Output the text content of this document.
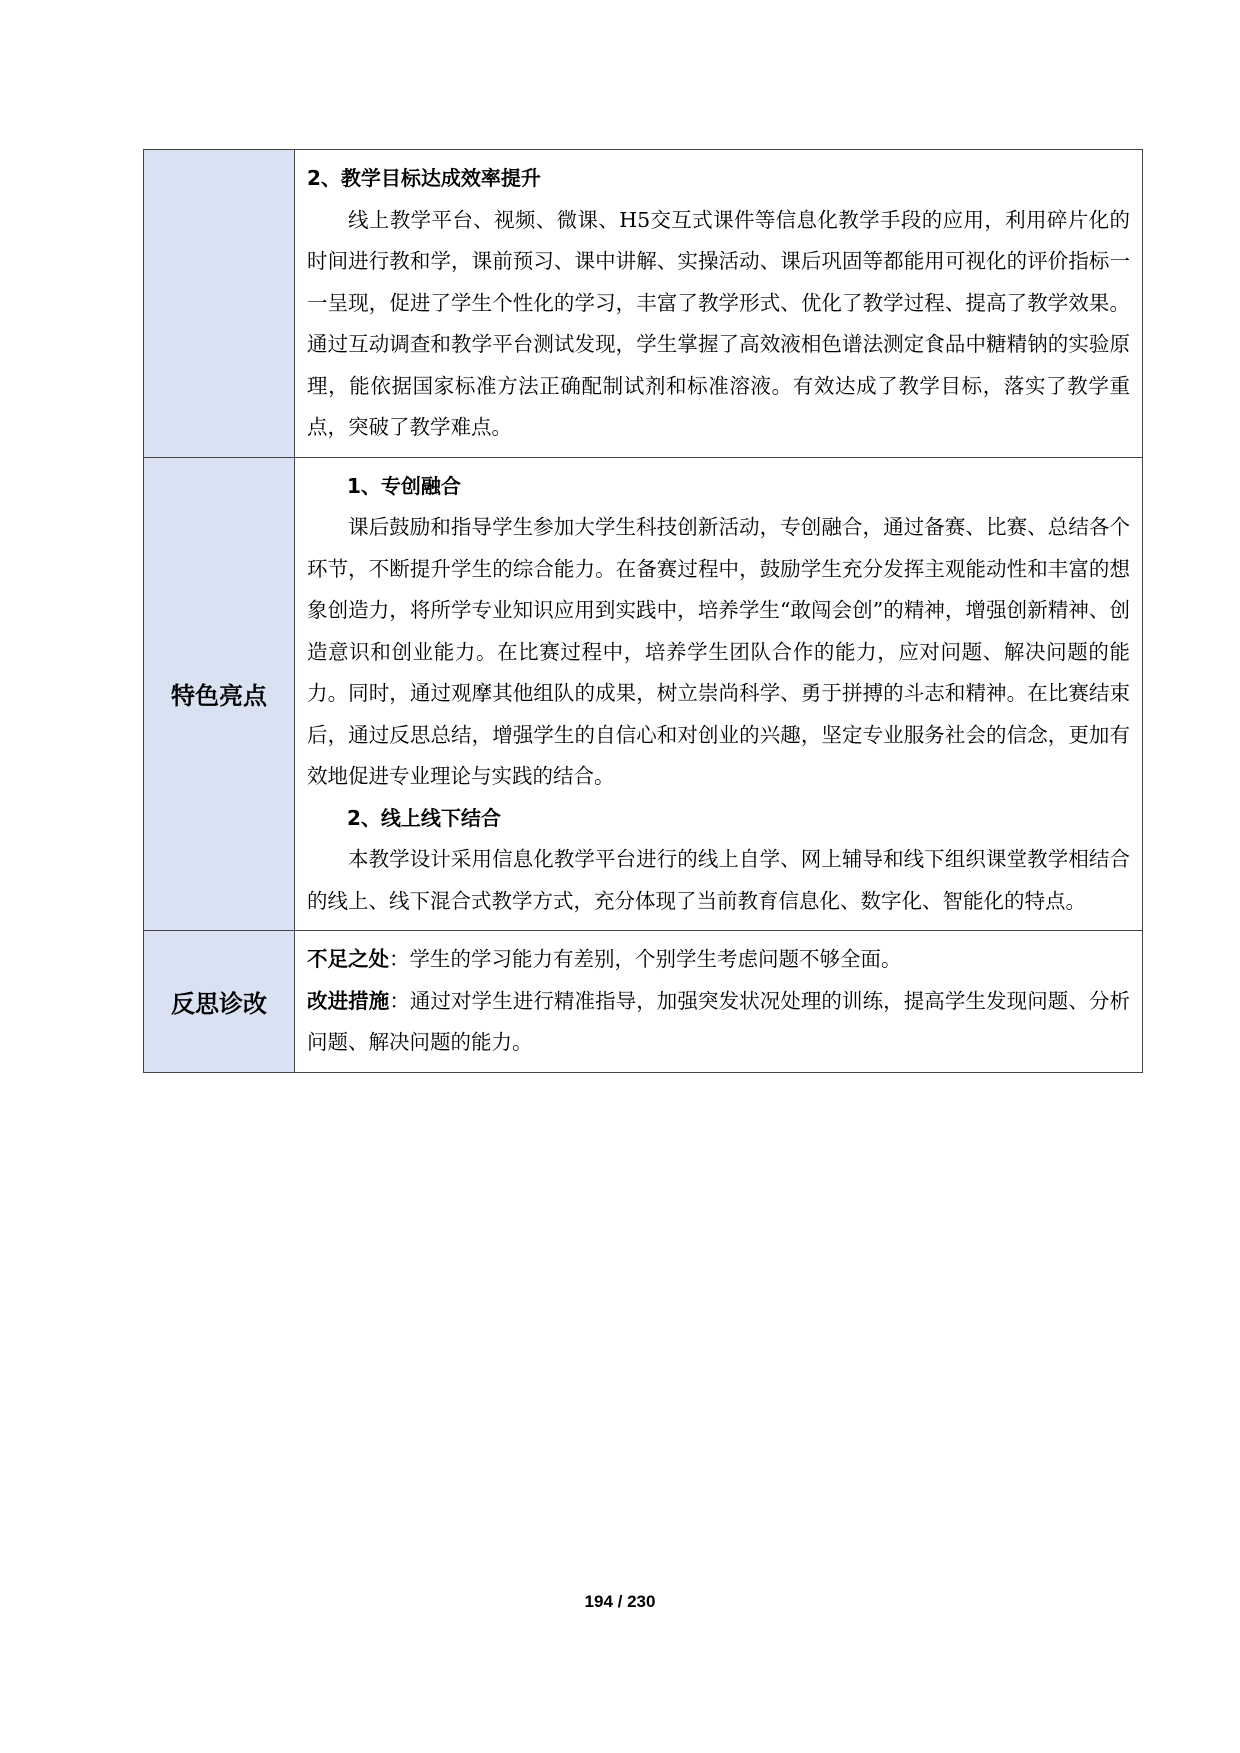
	2、教学目标达成效率提升

线上教学平台、视频、微课、H5交互式课件等信息化教学手段的应用，利用碎片化的时间进行教和学，课前预习、课中讲解、实操活动、课后巩固等都能用可视化的评价指标一一呈现，促进了学生个性化的学习，丰富了教学形式、优化了教学过程、提高了教学效果。通过互动调查和教学平台测试发现，学生掌握了高效液相色谱法测定食品中糖精钠的实验原理，能依据国家标准方法正确配制试剂和标准溶液。有效达成了教学目标，落实了教学重点，突破了教学难点。

特色亮点	1、专创融合

课后鼓励和指导学生参加大学生科技创新活动，专创融合，通过备赛、比赛、总结各个环节，不断提升学生的综合能力。在备赛过程中，鼓励学生充分发挥主观能动性和丰富的想象创造力，将所学专业知识应用到实践中，培养学生“敢闯会创”的精神，增强创新精神、创造意识和创业能力。在比赛过程中，培养学生团队合作的能力，应对问题、解决问题的能力。同时，通过观摩其他组队的成果，树立崇尚科学、勇于拼搏的斗志和精神。在比赛结束后，通过反思总结，增强学生的自信心和对创业的兴趣，坚定专业服务社会的信念，更加有效地促进专业理论与实践的结合。

2、线上线下结合

本教学设计采用信息化教学平台进行的线上自学、网上辅导和线下组织课堂教学相结合的线上、线下混合式教学方式，充分体现了当前教育信息化、数字化、智能化的特点。

反思诊改	不足之处：学生的学习能力有差别，个别学生考虑问题不够全面。

改进措施：通过对学生进行精准指导，加强突发状况处理的训练，提高学生发现问题、分析问题、解决问题的能力。

194 / 230
